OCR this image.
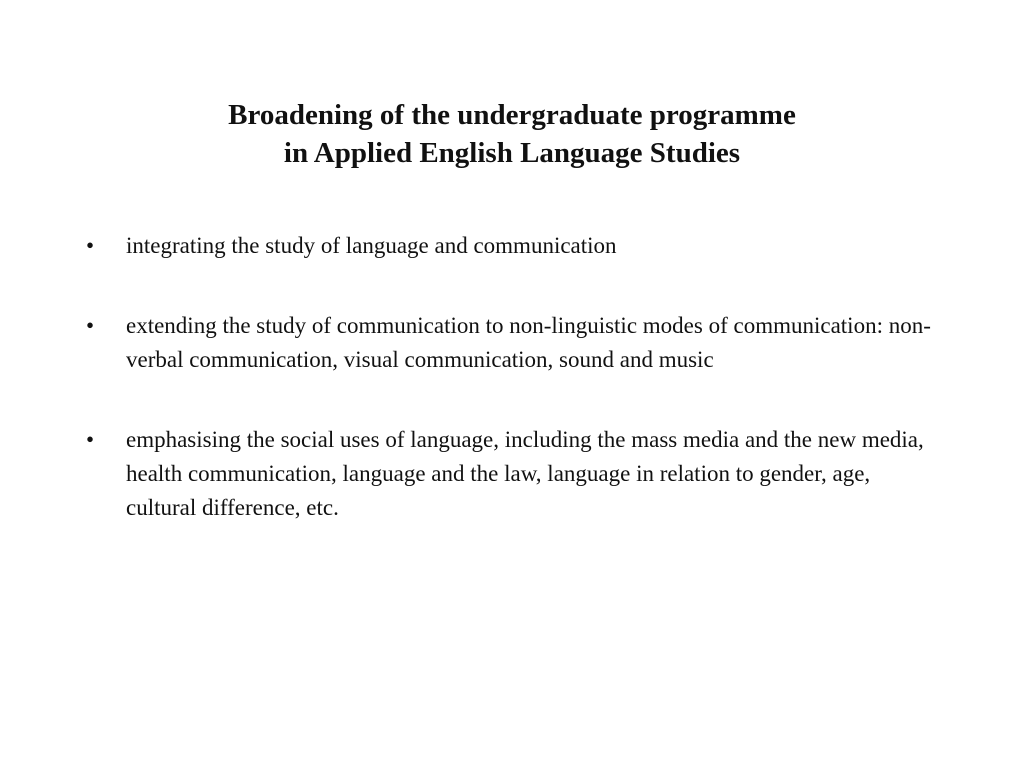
Broadening of the undergraduate programme
in Applied English Language Studies
•	integrating the study of language and communication
•	extending the study of communication to non-linguistic modes of communication: non-verbal communication, visual communication, sound and music
•	emphasising the social uses of language, including the mass media and the new media, health communication, language and the law, language in relation to gender, age, cultural difference, etc.
